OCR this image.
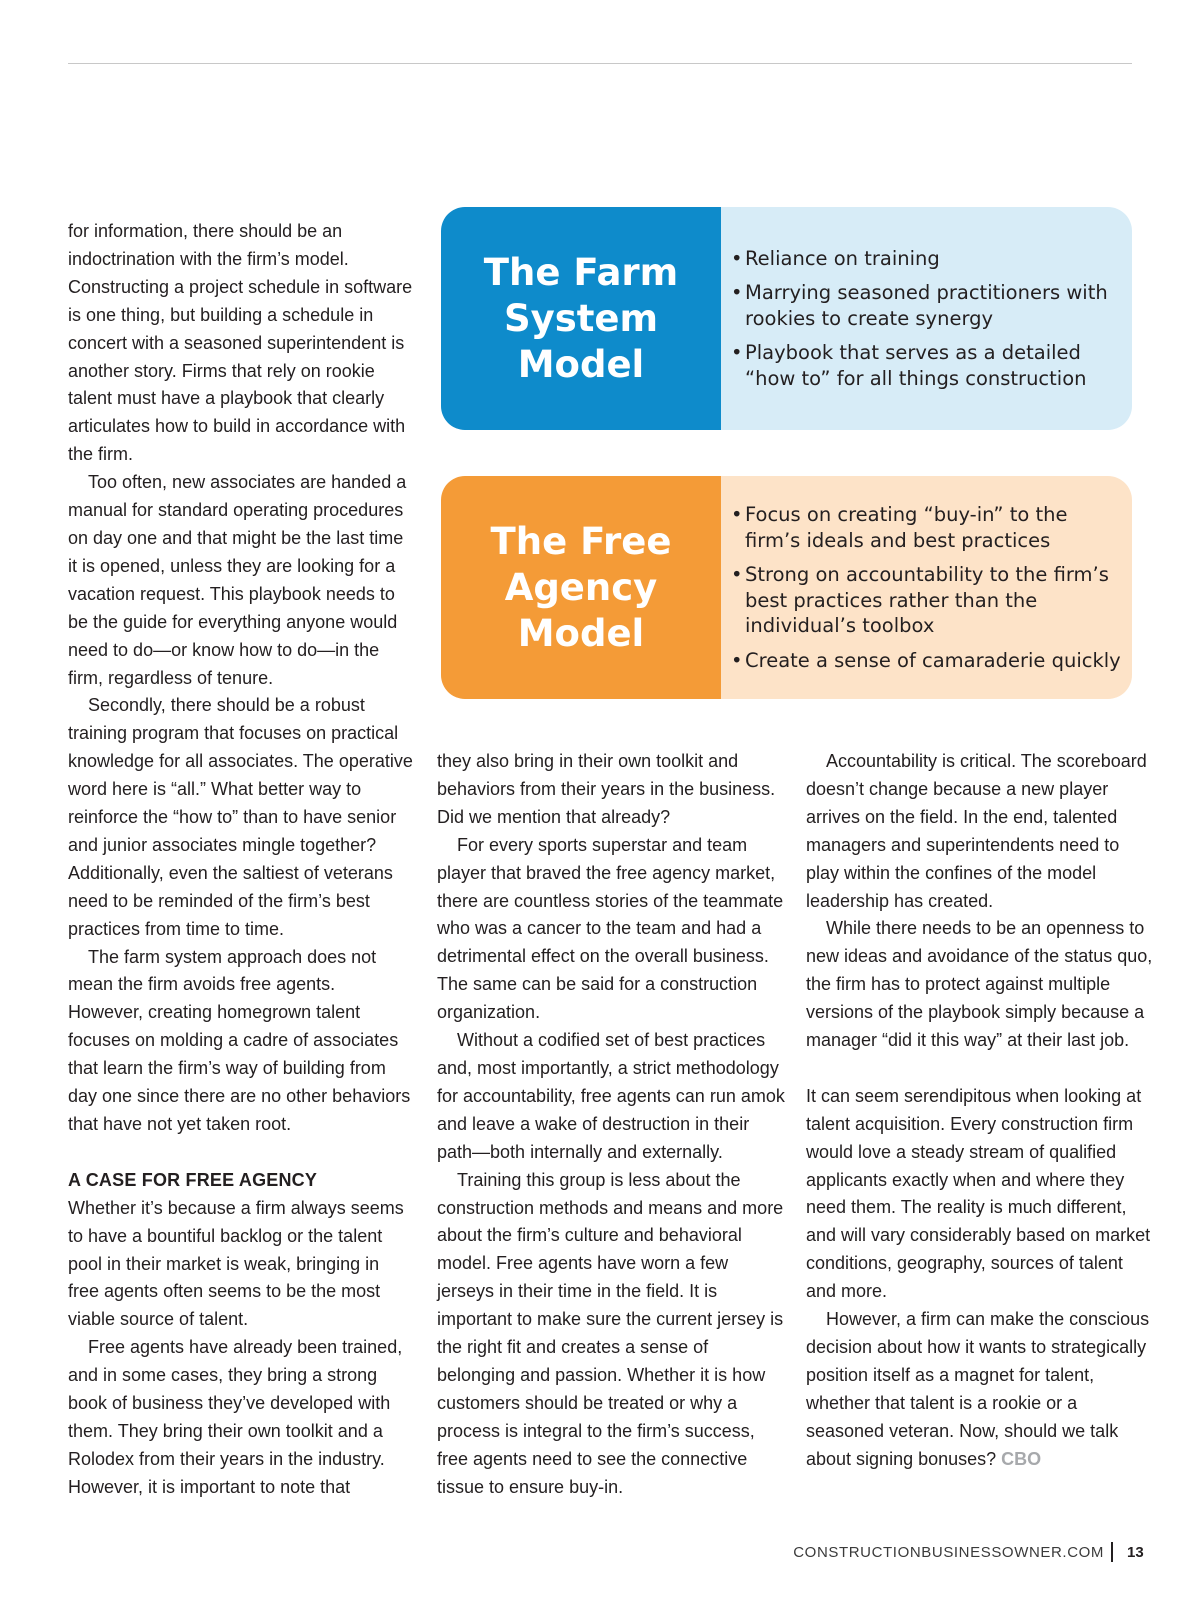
for information, there should be an indoctrination with the firm’s model. Constructing a project schedule in software is one thing, but building a schedule in concert with a seasoned superintendent is another story. Firms that rely on rookie talent must have a playbook that clearly articulates how to build in accordance with the firm.

Too often, new associates are handed a manual for standard operating procedures on day one and that might be the last time it is opened, unless they are looking for a vacation request. This playbook needs to be the guide for everything anyone would need to do—or know how to do—in the firm, regardless of tenure.

Secondly, there should be a robust training program that focuses on practical knowledge for all associates. The operative word here is “all.” What better way to reinforce the “how to” than to have senior and junior associates mingle together? Additionally, even the saltiest of veterans need to be reminded of the firm’s best practices from time to time.

The farm system approach does not mean the firm avoids free agents. However, creating homegrown talent focuses on molding a cadre of associates that learn the firm’s way of building from day one since there are no other behaviors that have not yet taken root.

A CASE FOR FREE AGENCY

Whether it’s because a firm always seems to have a bountiful backlog or the talent pool in their market is weak, bringing in free agents often seems to be the most viable source of talent.

Free agents have already been trained, and in some cases, they bring a strong book of business they’ve developed with them. They bring their own toolkit and a Rolodex from their years in the industry. However, it is important to note that

The Farm
System
Model
• Reliance on training
• Marrying seasoned practitioners with rookies to create synergy
• Playbook that serves as a detailed “how to” for all things construction
The Free
Agency
Model
• Focus on creating “buy-in” to the firm’s ideals and best practices
• Strong on accountability to the firm’s best practices rather than the individual’s toolbox
• Create a sense of camaraderie quickly

they also bring in their own toolkit and behaviors from their years in the business. Did we mention that already?

For every sports superstar and team player that braved the free agency market, there are countless stories of the teammate who was a cancer to the team and had a detrimental effect on the overall business. The same can be said for a construction organization.

Without a codified set of best practices and, most importantly, a strict methodology for accountability, free agents can run amok and leave a wake of destruction in their path—both internally and externally.

Training this group is less about the construction methods and means and more about the firm’s culture and behavioral model. Free agents have worn a few jerseys in their time in the field. It is important to make sure the current jersey is the right fit and creates a sense of belonging and passion. Whether it is how customers should be treated or why a process is integral to the firm’s success, free agents need to see the connective tissue to ensure buy-in.

Accountability is critical. The scoreboard doesn’t change because a new player arrives on the field. In the end, talented managers and superintendents need to play within the confines of the model leadership has created.

While there needs to be an openness to new ideas and avoidance of the status quo, the firm has to protect against multiple versions of the playbook simply because a manager “did it this way” at their last job.

It can seem serendipitous when looking at talent acquisition. Every construction firm would love a steady stream of qualified applicants exactly when and where they need them. The reality is much different, and will vary considerably based on market conditions, geography, sources of talent and more.

However, a firm can make the conscious decision about how it wants to strategically position itself as a magnet for talent, whether that talent is a rookie or a seasoned veteran. Now, should we talk about signing bonuses? CBO

CONSTRUCTIONBUSINESSOWNER.COM 13
